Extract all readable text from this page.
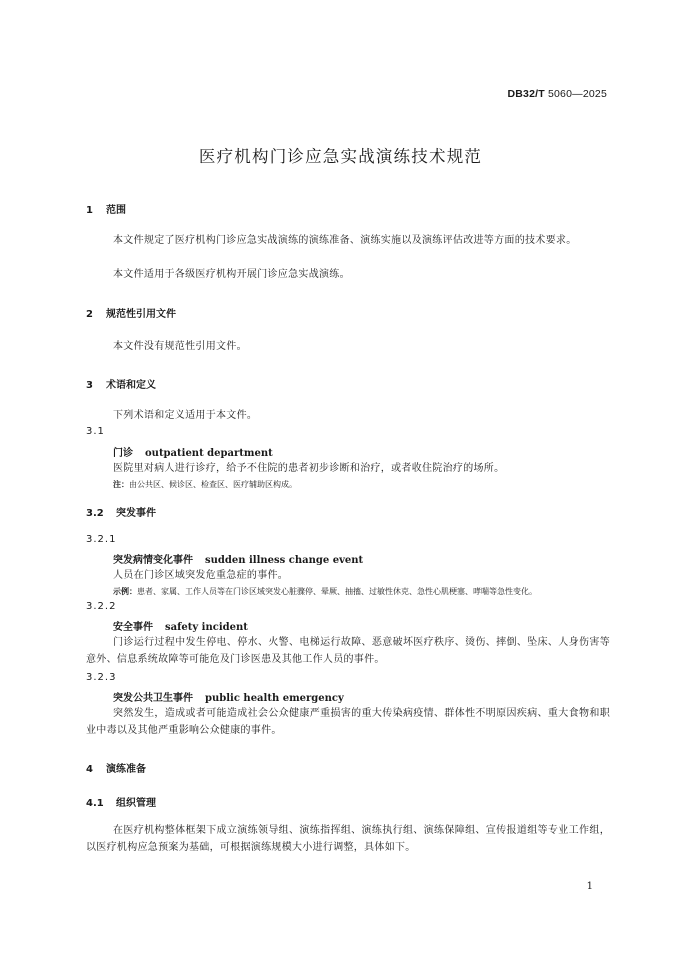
DB32/T 5060—2025
医疗机构门诊应急实战演练技术规范
1 范围
本文件规定了医疗机构门诊应急实战演练的演练准备、演练实施以及演练评估改进等方面的技术要求。
本文件适用于各级医疗机构开展门诊应急实战演练。
2 规范性引用文件
本文件没有规范性引用文件。
3 术语和定义
下列术语和定义适用于本文件。
3.1
门诊 outpatient department
医院里对病人进行诊疗，给予不住院的患者初步诊断和治疗，或者收住院治疗的场所。
注：由公共区、候诊区、检查区、医疗辅助区构成。
3.2 突发事件
3.2.1
突发病情变化事件 sudden illness change event
人员在门诊区域突发危重急症的事件。
示例：患者、家属、工作人员等在门诊区域突发心脏骤停、晕厥、抽搐、过敏性休克、急性心肌梗塞、哮喘等急性变化。
3.2.2
安全事件 safety incident
门诊运行过程中发生停电、停水、火警、电梯运行故障、恶意破坏医疗秩序、烫伤、摔倒、坠床、人身伤害等意外、信息系统故障等可能危及门诊医患及其他工作人员的事件。
3.2.3
突发公共卫生事件 public health emergency
突然发生，造成或者可能造成社会公众健康严重损害的重大传染病疫情、群体性不明原因疾病、重大食物和职业中毒以及其他严重影响公众健康的事件。
4 演练准备
4.1 组织管理
在医疗机构整体框架下成立演练领导组、演练指挥组、演练执行组、演练保障组、宣传报道组等专业工作组，以医疗机构应急预案为基础，可根据演练规模大小进行调整，具体如下。
1
